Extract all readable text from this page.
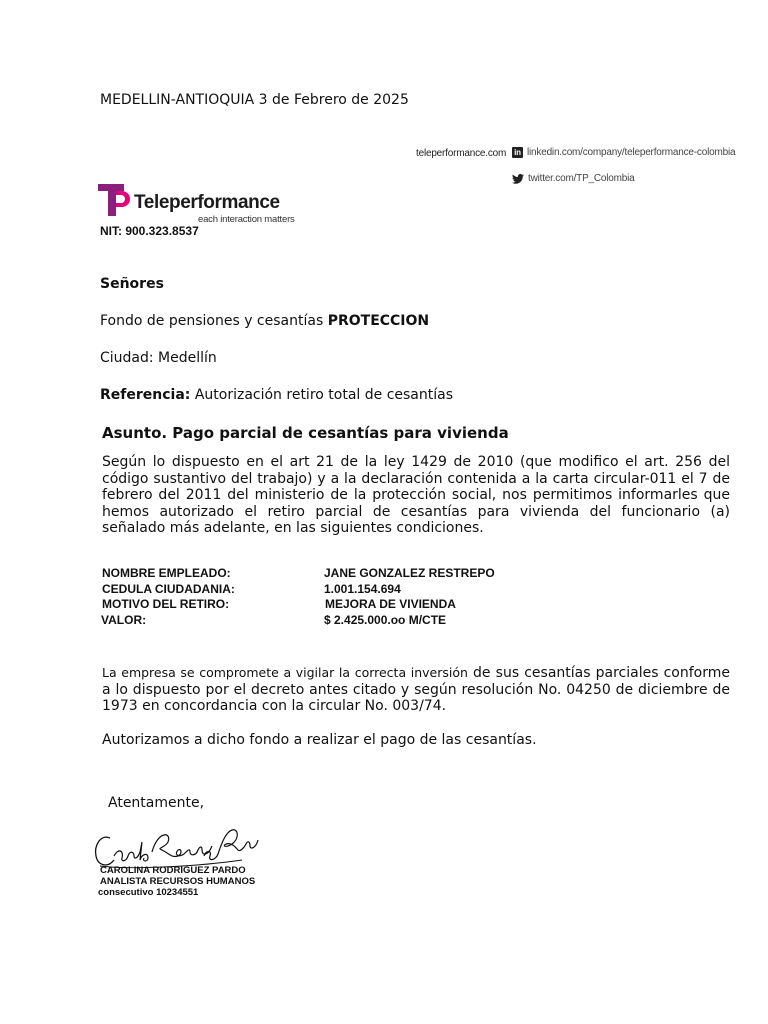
MEDELLIN-ANTIOQUIA 3 de Febrero de 2025
teleperformance.com in linkedin.com/company/teleperformance-colombia
twitter.com/TP_Colombia
Teleperformance
each interaction matters
NIT: 900.323.8537
Señores
Fondo de pensiones y cesantías PROTECCION
Ciudad: Medellín
Referencia: Autorización retiro total de cesantías
Asunto. Pago parcial de cesantías para vivienda
Según lo dispuesto en el art 21 de la ley 1429 de 2010 (que modifico el art. 256 del código sustantivo del trabajo) y a la declaración contenida a la carta circular-011 el 7 de febrero del 2011 del ministerio de la protección social, nos permitimos informarles que hemos autorizado el retiro parcial de cesantías para vivienda del funcionario (a) señalado más adelante, en las siguientes condiciones.
NOMBRE EMPLEADO:	JANE GONZALEZ RESTREPO
CEDULA CIUDADANIA:	1.001.154.694
MOTIVO DEL RETIRO:	MEJORA DE VIVIENDA
VALOR:	$ 2.425.000.oo M/CTE
La empresa se compromete a vigilar la correcta inversión de sus cesantías parciales conforme a lo dispuesto por el decreto antes citado y según resolución No. 04250 de diciembre de 1973 en concordancia con la circular No. 003/74.
Autorizamos a dicho fondo a realizar el pago de las cesantías.
Atentamente,
CAROLINA RODRIGUEZ PARDO
ANALISTA RECURSOS HUMANOS
consecutivo 10234551
